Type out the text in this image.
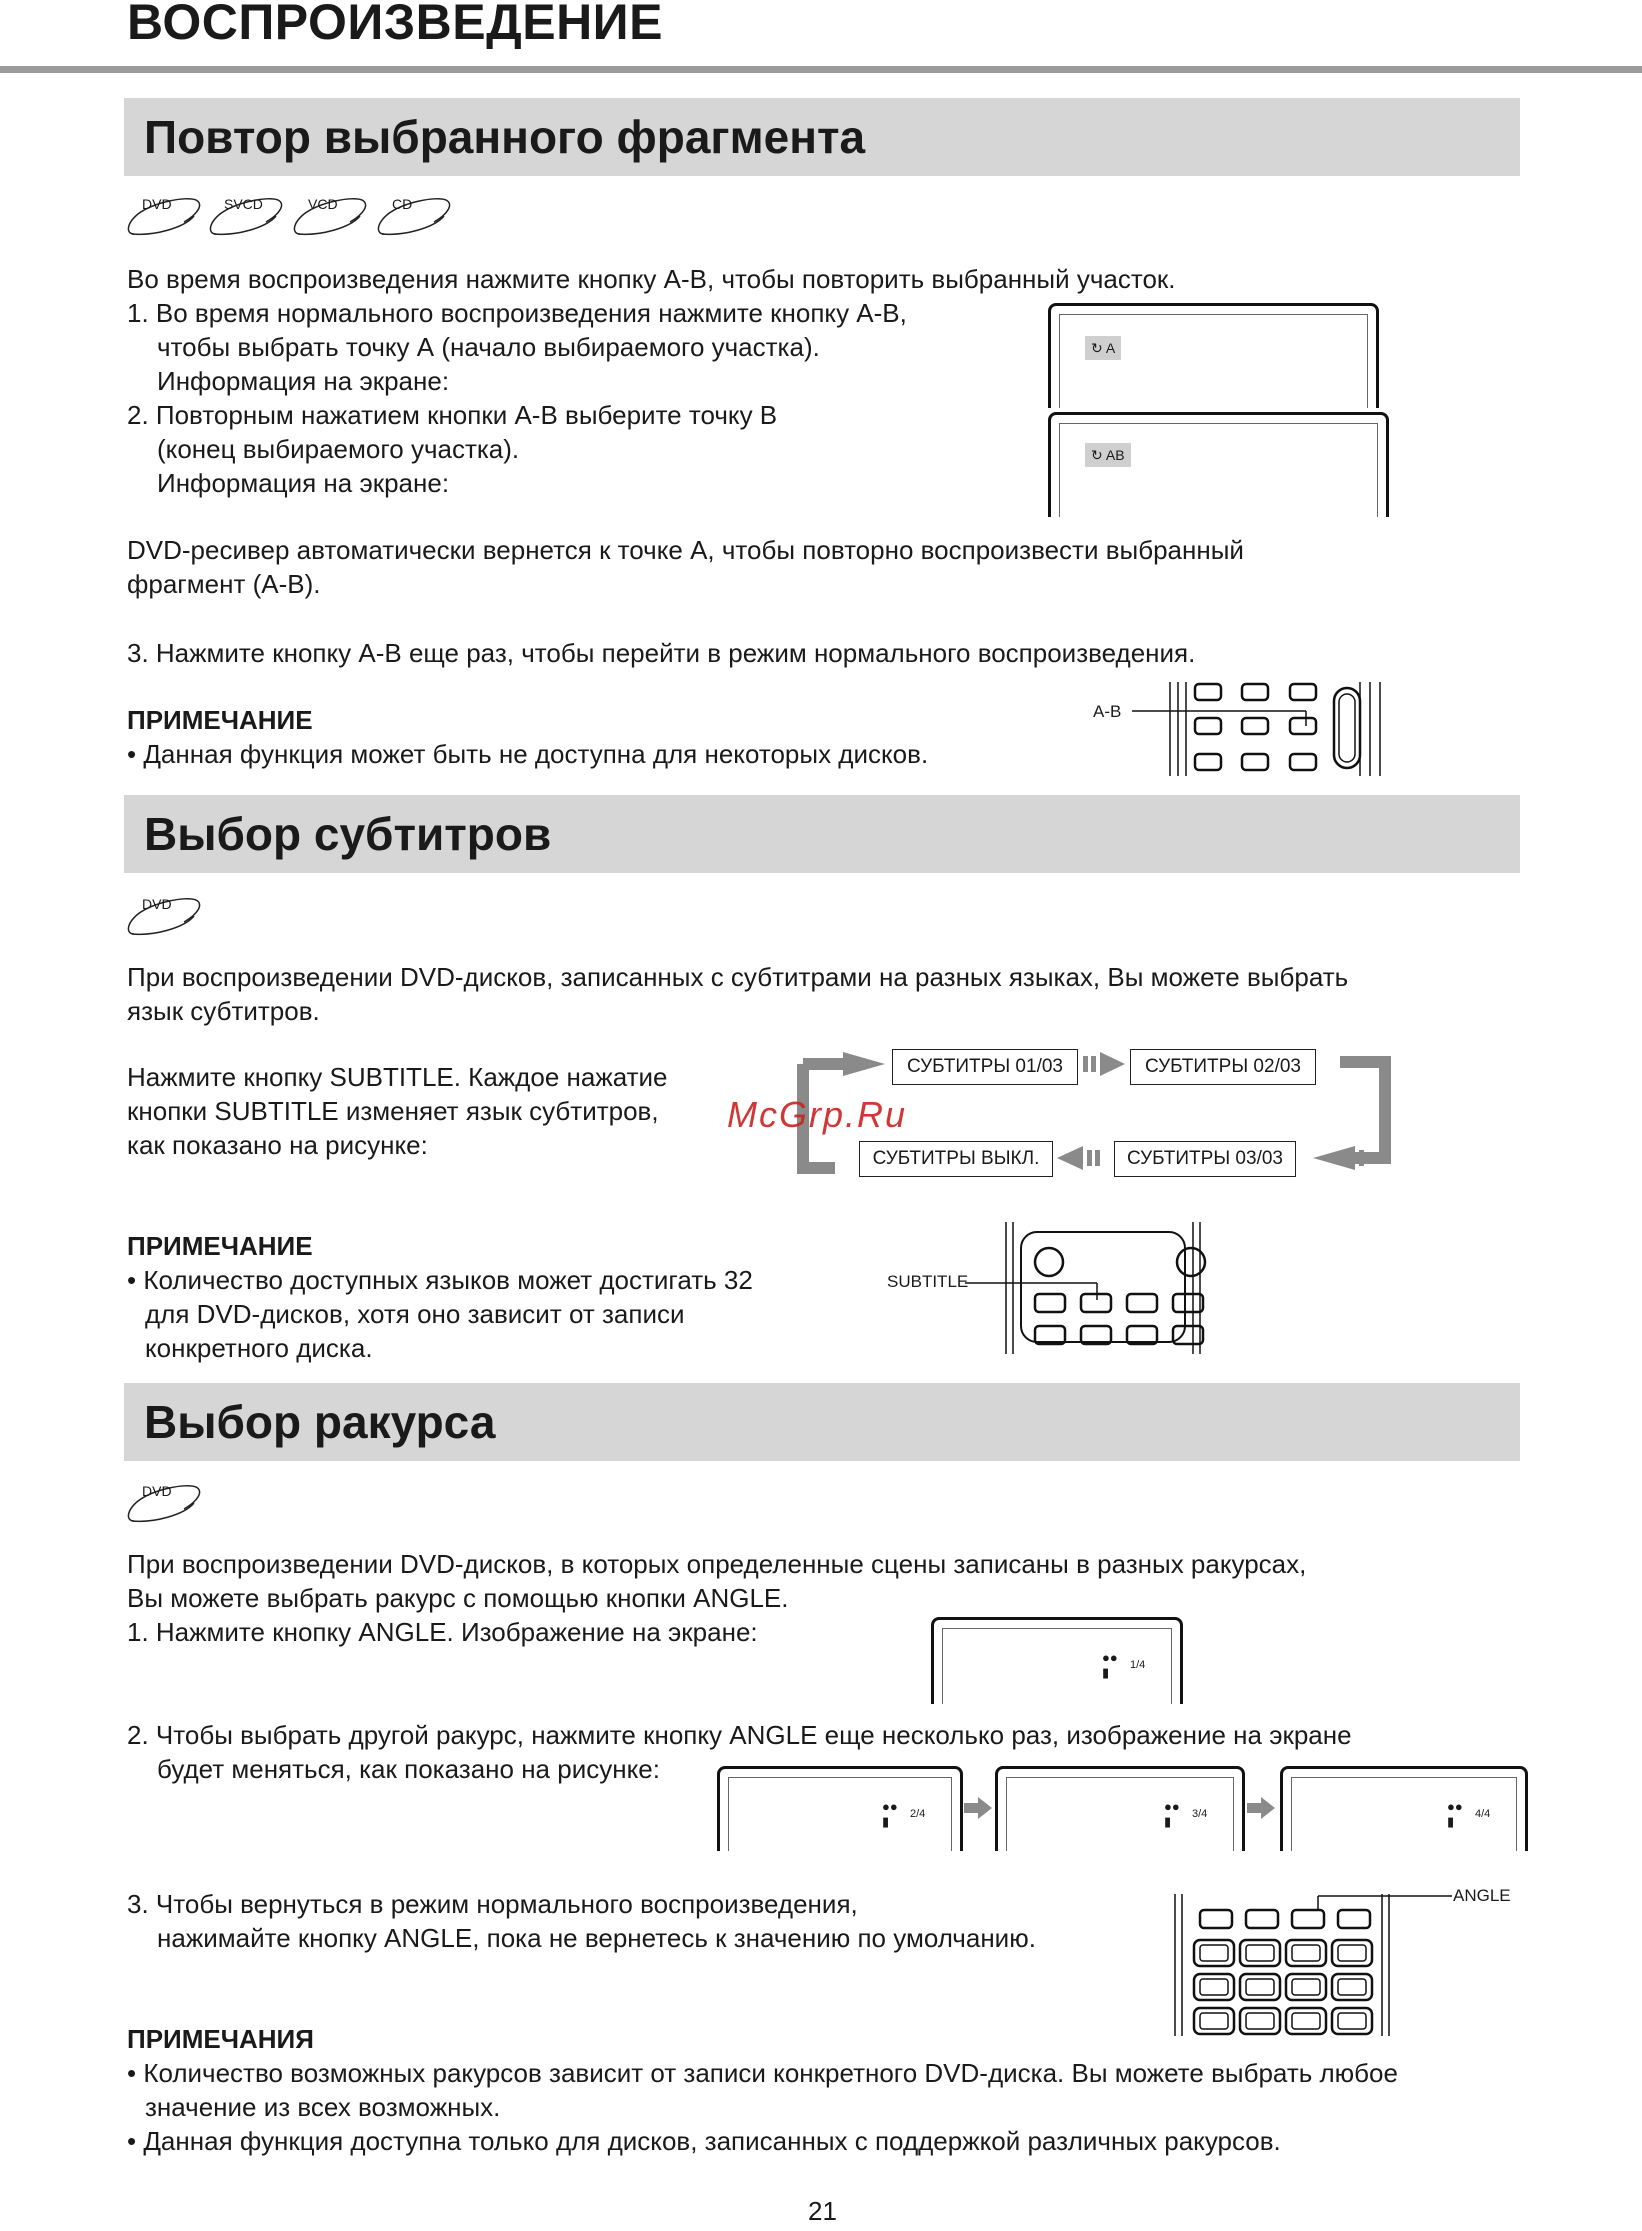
ВОСПРОИЗВЕДЕНИЕ
Повтор выбранного фрагмента
DVD	SVCD	VCD	CD
Во время воспроизведения нажмите кнопку A-B, чтобы повторить выбранный участок.
1. Во время нормального воспроизведения нажмите кнопку A-B,
чтобы выбрать точку А (начало выбираемого участка).
Информация на экране:
2. Повторным нажатием кнопки A-B выберите точку В
(конец выбираемого участка).
Информация на экране:
↻ A
↻ AB
DVD-ресивер автоматически вернется к точке А, чтобы повторно воспроизвести выбранный
фрагмент (A-B).
3. Нажмите кнопку A-B еще раз, чтобы перейти в режим нормального воспроизведения.
ПРИМЕЧАНИЕ
• Данная функция может быть не доступна для некоторых дисков.
A-B
Выбор субтитров
DVD
При воспроизведении DVD-дисков, записанных с субтитрами на разных языках, Вы можете выбрать
язык субтитров.
Нажмите кнопку SUBTITLE. Каждое нажатие
кнопки SUBTITLE изменяет язык субтитров,
как показано на рисунке:
СУБТИТРЫ 01/03	СУБТИТРЫ 02/03
СУБТИТРЫ 03/03
СУБТИТРЫ ВЫКЛ.
McGrp.Ru
ПРИМЕЧАНИЕ
• Количество доступных языков может достигать 32
для DVD-дисков, хотя оно зависит от записи
конкретного диска.
SUBTITLE
Выбор ракурса
DVD
При воспроизведении DVD-дисков, в которых определенные сцены записаны в разных ракурсах,
Вы можете выбрать ракурс с помощью кнопки ANGLE.
1. Нажмите кнопку ANGLE. Изображение на экране:
●●
▮	1/4
2. Чтобы выбрать другой ракурс, нажмите кнопку ANGLE еще несколько раз, изображение на экране
будет меняться, как показано на рисунке:
●●
▮	2/4	●●
▮	3/4	●●
▮	4/4
3. Чтобы вернуться в режим нормального воспроизведения,
нажимайте кнопку ANGLE, пока не вернетесь к значению по умолчанию.
ANGLE
ПРИМЕЧАНИЯ
• Количество возможных ракурсов зависит от записи конкретного DVD-диска. Вы можете выбрать любое
значение из всех возможных.
• Данная функция доступна только для дисков, записанных с поддержкой различных ракурсов.
21
